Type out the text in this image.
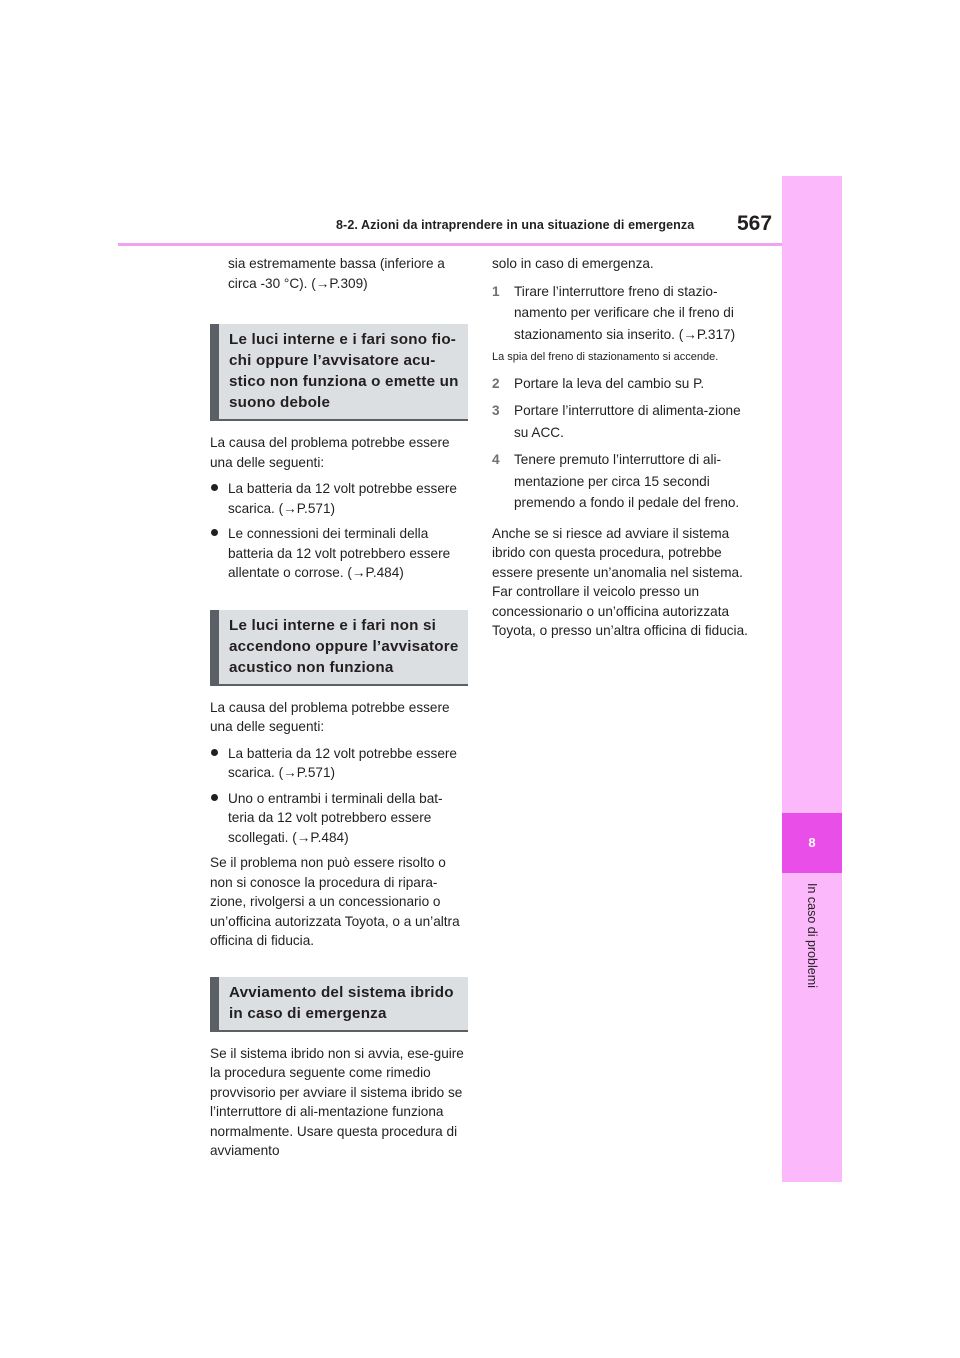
8-2. Azioni da intraprendere in una situazione di emergenza 567
8
In caso di problemi

sia estremamente bassa (inferiore a circa -30 °C). (→P.309)

Le luci interne e i fari sono fio-chi oppure l’avvisatore acu-stico non funziona o emette un suono debole

La causa del problema potrebbe essere una delle seguenti:

La batteria da 12 volt potrebbe essere scarica. (→P.571)
Le connessioni dei terminali della batteria da 12 volt potrebbero essere allentate o corrose. (→P.484)
Le luci interne e i fari non si accendono oppure l’avvisatore acustico non funziona

La causa del problema potrebbe essere una delle seguenti:

La batteria da 12 volt potrebbe essere scarica. (→P.571)
Uno o entrambi i terminali della bat-teria da 12 volt potrebbero essere scollegati. (→P.484)

Se il problema non può essere risolto o non si conosce la procedura di ripara-zione, rivolgersi a un concessionario o un’officina autorizzata Toyota, o a un’altra officina di fiducia.

Avviamento del sistema ibrido in caso di emergenza

Se il sistema ibrido non si avvia, ese-guire la procedura seguente come rimedio provvisorio per avviare il sistema ibrido se l’interruttore di ali-mentazione funziona normalmente. Usare questa procedura di avviamento

solo in caso di emergenza.

1 Tirare l’interruttore freno di stazio-namento per verificare che il freno di stazionamento sia inserito. (→P.317)

La spia del freno di stazionamento si accende.

2 Portare la leva del cambio su P.
3 Portare l’interruttore di alimenta-zione su ACC.
4 Tenere premuto l’interruttore di ali-mentazione per circa 15 secondi premendo a fondo il pedale del freno.

Anche se si riesce ad avviare il sistema ibrido con questa procedura, potrebbe essere presente un’anomalia nel sistema. Far controllare il veicolo presso un concessionario o un’officina autorizzata Toyota, o presso un’altra officina di fiducia.
